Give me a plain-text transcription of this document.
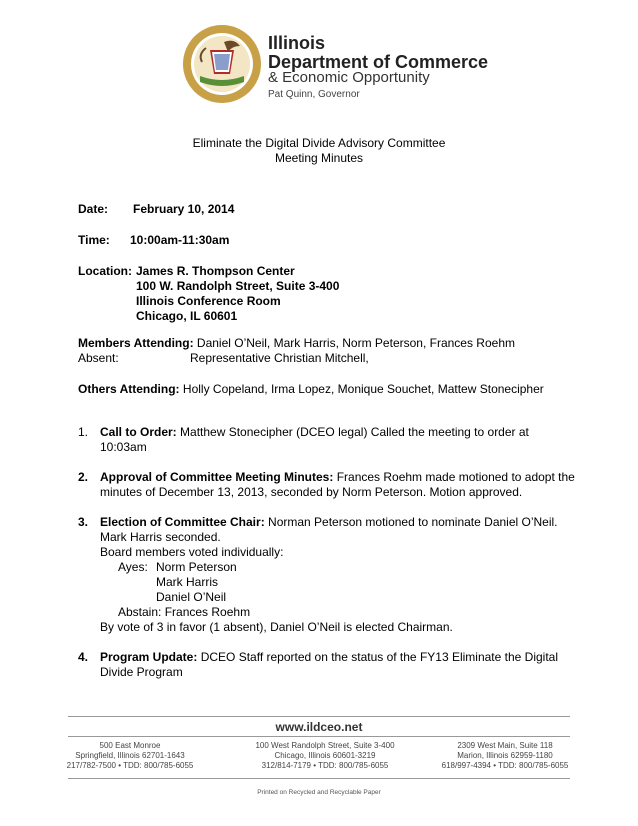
Illinois
Department of Commerce
& Economic Opportunity
Pat Quinn, Governor
Eliminate the Digital Divide Advisory Committee
Meeting Minutes
Date: February 10, 2014
Time: 10:00am-11:30am
Location: James R. Thompson Center
100 W. Randolph Street, Suite 3-400
Illinois Conference Room
Chicago, IL 60601
Members Attending: Daniel O’Neil, Mark Harris, Norm Peterson, Frances Roehm
Absent:	Representative Christian Mitchell,
Others Attending: Holly Copeland, Irma Lopez, Monique Souchet, Mattew Stonecipher
1. Call to Order: Matthew Stonecipher (DCEO legal) Called the meeting to order at
10:03am
2. Approval of Committee Meeting Minutes: Frances Roehm made motioned to adopt the
minutes of December 13, 2013, seconded by Norm Peterson. Motion approved.
3. Election of Committee Chair: Norman Peterson motioned to nominate Daniel O’Neil.
Mark Harris seconded.
Board members voted individually:
Ayes: Norm Peterson
Mark Harris
Daniel O’Neil
Abstain: Frances Roehm
By vote of 3 in favor (1 absent), Daniel O’Neil is elected Chairman.
4. Program Update: DCEO Staff reported on the status of the FY13 Eliminate the Digital
Divide Program
www.ildceo.net
500 East Monroe
Springfield, Illinois 62701-1643
217/782-7500 • TDD: 800/785-6055
100 West Randolph Street, Suite 3-400
Chicago, Illinois 60601-3219
312/814-7179 • TDD: 800/785-6055
2309 West Main, Suite 118
Marion, Illinois 62959-1180
618/997-4394 • TDD: 800/785-6055
Printed on Recycled and Recyclable Paper
